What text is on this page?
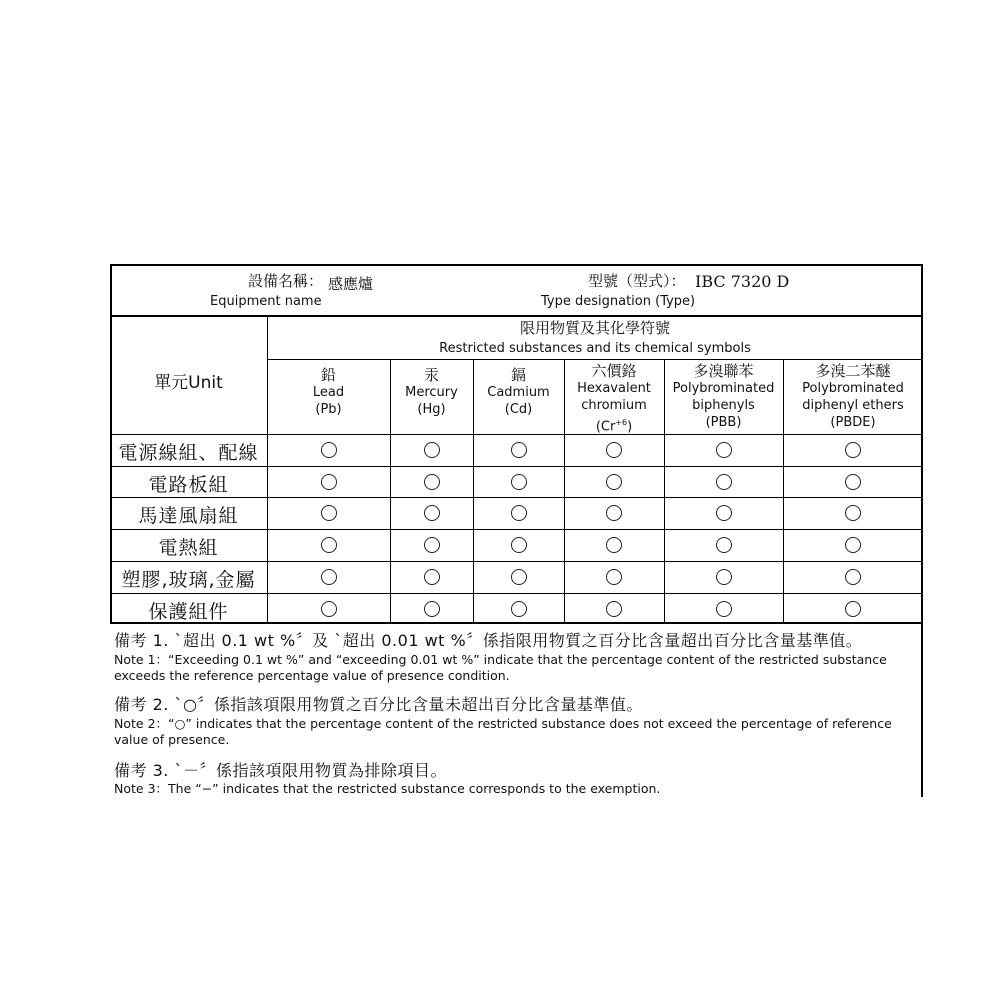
設備名稱： 感應爐
Equipment name
型號（型式）： IBC 7320 D
Type designation (Type)
單元Unit
限用物質及其化學符號
Restricted substances and its chemical symbols
鉛
Lead
(Pb)
汞
Mercury
(Hg)
鎘
Cadmium
(Cd)
六價鉻
Hexavalent
chromium
$(Cr^{+6})$
多溴聯苯
Polybrominated
biphenyls
(PBB)
多溴二苯醚
Polybrominated
diphenyl ethers
(PBDE)
電源線組、配線
電路板組
馬達風扇組
電熱組
塑膠,玻璃,金屬
保護組件
備考 1. ˋ超出 0.1 wt %〞及 ˋ超出 0.01 wt %〞係指限用物質之百分比含量超出百分比含量基準值。
Note 1：“Exceeding 0.1 wt %” and “exceeding 0.01 wt %” indicate that the percentage content of the restricted substance exceeds the reference percentage value of presence condition.
備考 2. ˋ○〞係指該項限用物質之百分比含量未超出百分比含量基準值。
Note 2：“○” indicates that the percentage content of the restricted substance does not exceed the percentage of reference value of presence.
備考 3. ˋ－〞係指該項限用物質為排除項目。
Note 3：The “−” indicates that the restricted substance corresponds to the exemption.
